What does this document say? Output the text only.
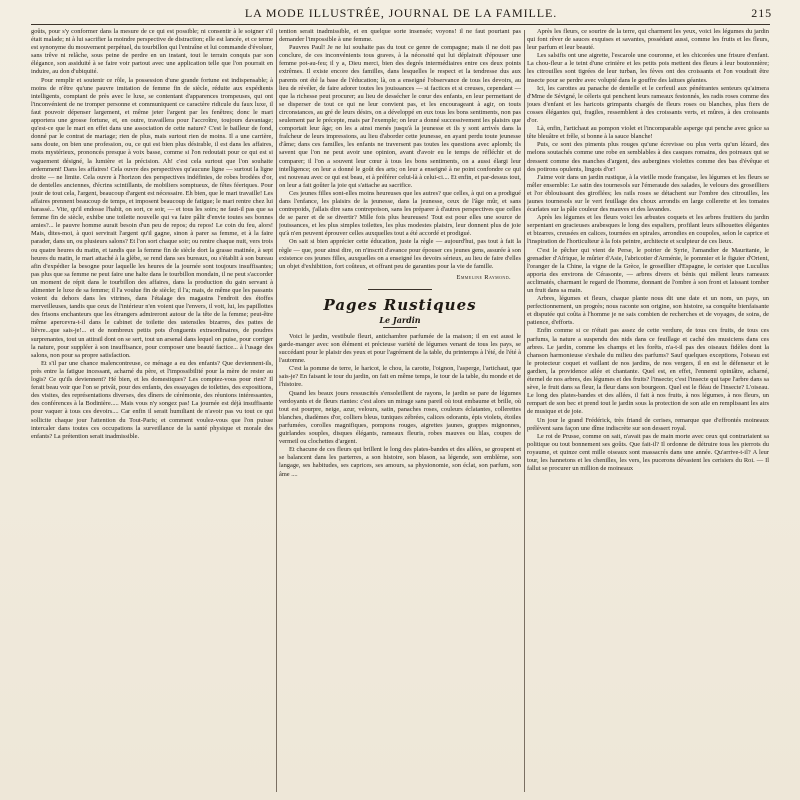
LA MODE ILLUSTRÉE, JOURNAL DE LA FAMILLE.	215

goûts, pour s'y conformer dans la mesure de ce qui est possible; ni consentir à le soigner s'il était malade; ni à lui sacrifier la moindre perspective de distraction; elle est lancée, et ce terme est synonyme du mouvement perpétuel, du tourbillon qui l'entraîne et lui commande d'évoluer, sans trêve ni relâche, sous peine de perdre en un instant, tout le terrain conquis par son élégance, son assiduité à se faire voir partout avec une application telle que l'on pourrait en induire, au don d'ubiquité.

Pour remplir et soutenir ce rôle, la possession d'une grande fortune est indispensable; à moins de n'être qu'une pauvre imitation de femme fin de siècle, réduite aux expédients intelligents, comptant de près avec le luxe, se contentant d'apparences trompeuses, qui ont l'inconvénient de ne tromper personne et communiquent ce caractère ridicule du faux luxe, il faut pouvoir dépenser largement, et même jeter l'argent par les fenêtres; donc le mari apportera une grosse fortune, et, en outre, travaillera pour l'accroître, toujours davantage; qu'est-ce que le mari en effet dans une association de cette nature? C'est le bailleur de fond, donné par le contrat de mariage; rien de plus, mais surtout rien de moins. Il a une carrière, sans doute, on bien une profession, ou, ce qui est bien plus désirable, il est dans les affaires, mots mystérieux, prononcés presque à voix basse, comme si l'on redoutait pour ce qui est si vaguement désigné, la lumière et la précision. Ah! c'est cela surtout que l'on souhaite ardemment! Dans les affaires! Cela ouvre des perspectives qu'aucune ligne — surtout la ligne droite — ne limite. Cela ouvre à l'horizon des perspectives indéfinies, de robes brodées d'or, de dentelles anciennes, d'écrins scintillants, de mobiliers somptueux, de fêtes féeriques. Pour jouir de tout cela, l'argent, beaucoup d'argent est nécessaire. Eh bien, que le mari travaille! Les affaires prennent beaucoup de temps, et imposent beaucoup de fatigue; le mari rentre chez lui harassé... Vite, qu'il endosse l'habit, on sort, ce soir, — et tous les soirs; ne faut-il pas que sa femme fin de siècle, exhibe une toilette nouvelle qui va faire pâlir d'envie toutes ses bonnes amies?... le pauvre homme aurait besoin d'un peu de repos; du repos! Le coin du feu, alors! Mais, dites-moi, à quoi servirait l'argent qu'il gagne, sinon à parer sa femme, et à la faire parader, dans un, ou plusieurs salons? Et l'on sort chaque soir; ou rentre chaque nuit, vers trois ou quatre heures du matin, et tandis que la femme fin de siècle dort la grasse matinée, à sept heures du matin, le mari attaché à la glèbe, se rend dans ses bureaux, ou s'établit à son bureau afin d'expédier la besogne pour laquelle les heures de la journée sont toujours insuffisantes; pas plus que sa femme ne peut faire une halte dans le tourbillon mondain, il ne peut s'accorder un moment de répit dans le tourbillon des affaires, dans la production du gain servant à alimenter le luxe de sa femme; il l'a voulue fin de siècle; il l'a; mais, de même que les passants voient du dehors dans les vitrines, dans l'étalage des magasins l'endroit des étoffes merveilleuses, tandis que ceux de l'intérieur n'en voient que l'envers, il voit, lui, les papillottes des frisons enchanteurs que les étrangers admireront autour de la tête de la femme; peut-être même apercevra-t-il dans le cabinet de toilette des ustensiles bizarres, des pattes de lièvre...que sais-je!... et de nombreux petits pots d'onguents extraordinaires, de poudres surprenantes, tout un attirail dont on se sert, tout un arsenal dans lequel on puise, pour corriger la nature, pour suppléer à son insuffisance, pour composer une beauté factice... à l'usage des salons, non pour sa propre satisfaction.

Et s'il par une chance malencontreuse, ce ménage a eu des enfants? Que deviennent-ils, près entre la fatigue incessant, acharné du père, et l'impossibilité pour la mère de rester au logis? Ce qu'ils deviennent? Hé bien, et les domestiques? Les comptez-vous pour rien? Il ferait beau voir que l'on se privât, pour des enfants, des essayages de toilettes, des expositions, des visites, des représentations diverses, des dîners de cérémonie, des réunions intéressantes, des conférences à la Bodinière..... Mais vous n'y songez pas! La journée est déjà insuffisante pour vaquer à tous ces devoirs.... Car enfin il serait humiliant de n'avoir pas vu tout ce qui sollicite chaque jour l'attention du Tout-Paris; et comment voulez-vous que l'on puisse intercaler dans toutes ces occupations la surveillance de la santé physique et morale des enfants? La prétention serait inadmissible.

tention serait inadmissible, et en quelque sorte insensée; voyons! il ne faut pourtant pas demander l'impossible à une femme.

Pauvres Paul! Je ne lui souhaite pas du tout ce genre de compagne; mais il ne doit pas conclure, de ces inconvénients tous graves, à la nécessité qui lui déplairait d'épouser une femme pot-au-feu; il y a, Dieu merci, bien des degrés intermédiaires entre ces deux points extrêmes. Il existe encore des familles, dans lesquelles le respect et la tendresse dus aux parents ont été la base de l'éducation; là, on a enseigné l'observance de tous les devoirs, au lieu de révéler, de faire adorer toutes les jouissances — si factices et si creuses, cependant — que la richesse peut procurer; au lieu de dessécher le cœur des enfants, en leur permettant de se disperser de tout ce qui ne leur convient pas, et les encourageant à agir, on touts circonstances, au gré de leurs désirs, on a développé en eux tous les bons sentiments, non pas seulement par le précepte, mais par l'exemple; on leur a donné successivement les plaisirs que comportait leur âge; on les a ainsi menés jusqu'à la jeunesse et ils y sont arrivés dans la fraîcheur de leurs impressions, au lieu d'aborder cette jeunesse, en ayant perdu toute jeunesse d'âme; dans ces familles, les enfants ne traversent pas toutes les questions avec aplomb; ils savent que l'on ne peut avoir une opinion, avant d'avoir eu le temps de réfléchir et de comparer; il l'on a souvent leur cœur à tous les bons sentiments, on a aussi élargi leur intelligence; on leur a donné le goût des arts; on leur a enseigné à ne point confondre ce qui est nouveau avec ce qui est beau, et à préférer celui-là à celui-ci.... Et enfin, et par-dessus tout, on leur a fait goûter la joie qui s'attache au sacrifice.

Ces jeunes filles sont-elles moins heureuses que les autres? que celles, à qui on a prodigué dans l'enfance, les plaisirs de la jeunesse, dans la jeunesse, ceux de l'âge mûr, et sans contrepoids, j'allais dire sans contrepoison, sans les préparer à d'autres perspectives que celles de se parer et de se divertir? Mille fois plus heureuses! Tout est pour elles une source de jouissances, et les plus simples toilettes, les plus modestes plaisirs, leur donnent plus de joie qu'à n'en peuvent éprouver celles auxquelles tout a été accordé et prodigué.

On sait si bien apprécier cette éducation, juste la règle — aujourd'hui, pas tout à fait la règle — que, pour ainsi dire, on n'inscrit d'avance pour épouser ces jeunes gens, assurée à son existence ces jeunes filles, auxquelles on a enseigné les devoirs sérieux, au lieu de faire d'elles un objet d'exhibition, fort coûteux, et offrant peu de garanties pour la vie de famille.

Emmeline Raymond.
Pages Rustiques
Le Jardin

Voici le jardin, vestibule fleuri, antichambre parfumée de la maison; il en est aussi le garde-manger avec son élément et précieuse variété de légumes venant de tous les pays, se succédant pour le plaisir des yeux et pour l'agrément de la table, du printemps à l'été, de l'été à l'automne.

C'est la pomme de terre, le haricot, le chou, la carotte, l'oignon, l'asperge, l'artichaut, que sais-je? En faisant le tour du jardin, on fait en même temps, le tour de la table, du monde et de l'histoire.

Quand les beaux jours ressuscités s'ensoleillent de rayons, le jardin se pare de légumes verdoyants et de fleurs riantes: c'est alors un mirage sans pareil où tout embaume et brille, où tout est pourpre, neige, azur, velours, satin, panaches roses, couleurs éclatantes, collerettes blanches, diadèmes d'or, colliers bleus, tuniques zébrées, calices odorants, épis violets, étoiles parfumées, corolles magnifiques, pompons rouges, aigrettes jaunes, grappes mignonnes, guirlandes souples, disques élégants, rameaux fleuris, robes mauves ou lilas, coupes de vermeil ou clochettes d'argent.

Et chacune de ces fleurs qui brillent le long des plates-bandes et des allées, se groupent et se balancent dans les parterres, a son histoire, son blason, sa légende, son emblème, son langage, ses habitudes, ses caprices, ses amours, sa physionomie, son éclat, son parfum, son âme ....

Après les fleurs, ce sourire de la terre, qui charment les yeux, voici les légumes du jardin qui font rêver de sauces exquises et savantes, possédant aussi, comme les fruits et les fleurs, leur parfum et leur beauté.

Les salsifis ont une aigrette, l'escarole une couronne, et les chicorées une frisure d'enfant. La chou-fleur a le teint d'une crinière et les petits pois mettent des fleurs à leur boutonnière; les citrouilles sont tigrées de leur turban, les fèves ont des croissants et l'on voudrait être insecte pour se perdre avec volupté dans le gouffre des laitues géantes.

Ici, les carottes au panache de dentelle et le cerfeuil aux pénétrantes senteurs qu'aimera d'Mme de Sévigné, le céleris qui penchent leurs rameaux festonnés, les radis roses comme des joues d'enfant et les haricots grimpants chargés de fleurs roses ou blanches, plus fiers de cosses élégantes qui, fragiles, ressemblent à des croissants verts, et mûres, à des croissants d'or.

Là, enfin, l'artichaut au pompon violet et l'incomparable asperge qui penche avec grâce sa tête bleuâtre et frêle, si bonne à la sauce blanche!

Puis, ce sont des piments plus rouges qu'une écrevisse ou plus verts qu'un lézard, des melons soutachés comme une robe en semblables à des casques romains, des poireaux qui se dressent comme des manches d'argent, des aubergines violettes comme des bas d'évêque et des potirons opulents, lingots d'or!

J'aime voir dans un jardin rustique, à la vieille mode française, les légumes et les fleurs se mêler ensemble: Le satin des tournesols sur l'émeraude des salades, le velours des groseilliers et l'or éblouissant des giroflées; les rails roses se détachent sur l'ombre des citrouilles, les jaunes tournesols sur le vert feuillage des choux arrondis en large collerette et les tomates écarlates sur la pâle couleur des mauves et des lavandes.

Après les légumes et les fleurs voici les arbustes coquets et les arbres fruitiers du jardin serpentant en gracieuses arabesques le long des espaliers, profilant leurs silhouettes élégantes et bizarres, creusées en calices, tournées en spirales, arrondies en coupoles, selon le caprice et l'inspiration de l'horticulteur à la fois peintre, architecte et sculpteur de ces lieux.

C'est le pêcher qui vient de Perse, le poirier de Syrie, l'amandier de Mauritanie, le grenadier d'Afrique, le mûrier d'Asie, l'abricotier d'Arménie, le pommier et le figuier d'Orient, l'oranger de la Chine, la vigne de la Grèce, le groseillier d'Espagne, le cerisier que Lucullus apporta des environs de Cérasonte, — arbres divers et bénis qui mêlent leurs rameaux acclimatés, charmant le regard de l'homme, donnant de l'ombre à son front et laissant tomber un fruit dans sa main.

Arbres, légumes et fleurs, chaque plante nous dit une date et un nom, un pays, un perfectionnement, un progrès; nous raconte son origine, son histoire, sa conquête bienfaisante et disputée qui coûta à l'homme je ne sais combien de recherches et de voyages, de soins, de patience, d'efforts.

Enfin comme si ce n'était pas assez de cette verdure, de tous ces fruits, de tous ces parfums, la nature a suspendu des nids dans ce feuillage et caché des musiciens dans ces arbres. Le jardin, comme les champs et les forêts, n'a-t-il pas des oiseaux fidèles dont la chanson harmonieuse s'exhale du milieu des parfums? Sauf quelques exceptions, l'oiseau est le protecteur coquet et vaillant de nos jardins, de nos vergers, il en est le défenseur et le gardien, la providence ailée et chantante. Quel est, en effet, l'ennemi opiniâtre, acharné, éternel de nos arbres, des légumes et des fruits? l'insecte; c'est l'insecte qui tape l'arbre dans sa sève, le fruit dans sa fleur, la fleur dans son bourgeon. Quel est le fléau de l'insecte? L'oiseau. Le long des plates-bandes et des allées, il fait à nos fruits, à nos légumes, à nos fleurs, un rempart de son bec et prend tout le jardin sous la protection de son aile en remplissant les airs de musique et de joie.

Un jour le grand Frédérick, très friand de cerises, remarque que d'effrontés moineaux prélèvent sans façon une dîme indiscrète sur son dessert royal.

Le roi de Prusse, comme on sait, n'avait pas de main morte avec ceux qui contrariaient sa politique ou tout bonnement ses goûts. Que fait-il? Il ordonne de détruire tous les pierrots du royaume, et quinze cent mille oiseaux sont massacrés dans une année. Qu'arrive-t-il? A leur tour, les hannetons et les chenilles, les vers, les pucerons dévastent les cerisiers du Roi. — Il fallut se procurer un million de moineaux
